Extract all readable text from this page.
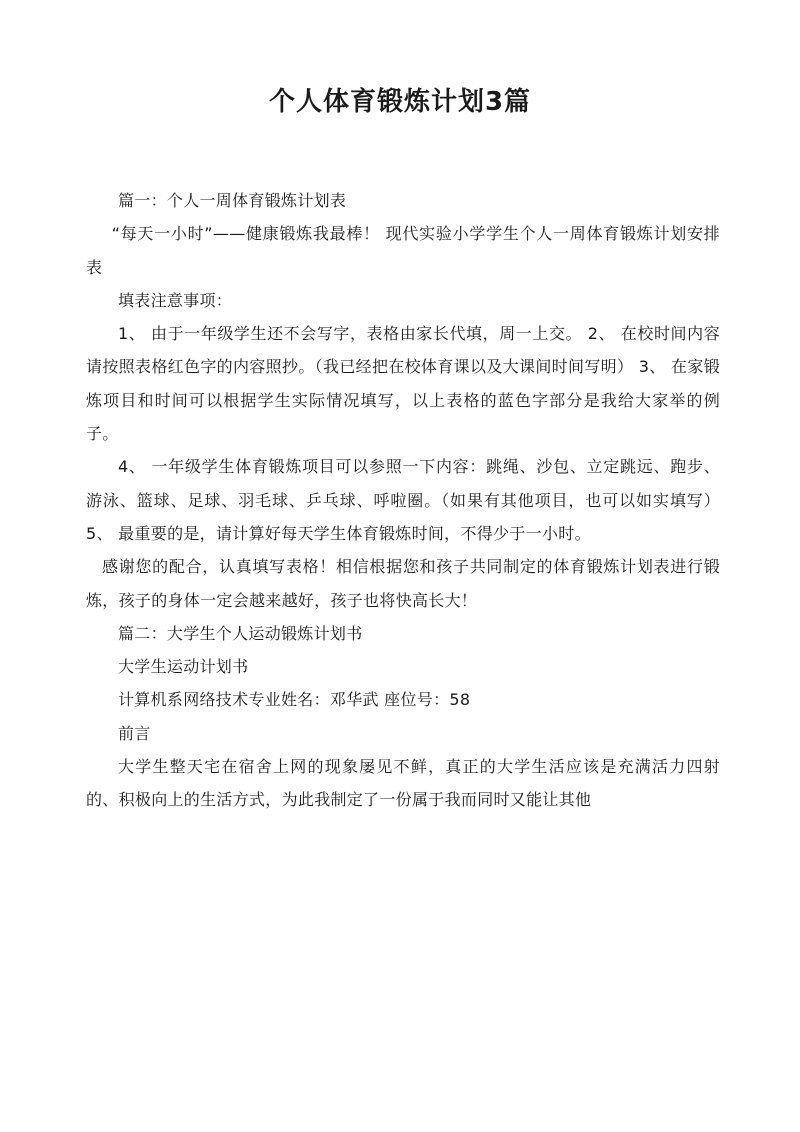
个人体育锻炼计划3篇

篇一：个人一周体育锻炼计划表

“每天一小时”——健康锻炼我最棒！ 现代实验小学学生个人一周体育锻炼计划安排表

填表注意事项：

1、 由于一年级学生还不会写字，表格由家长代填，周一上交。 2、 在校时间内容请按照表格红色字的内容照抄。（我已经把在校体育课以及大课间时间写明） 3、 在家锻炼项目和时间可以根据学生实际情况填写，以上表格的蓝色字部分是我给大家举的例子。

4、 一年级学生体育锻炼项目可以参照一下内容：跳绳、沙包、立定跳远、跑步、游泳、篮球、足球、羽毛球、乒乓球、呼啦圈。（如果有其他项目，也可以如实填写） 5、 最重要的是，请计算好每天学生体育锻炼时间，不得少于一小时。

感谢您的配合，认真填写表格！相信根据您和孩子共同制定的体育锻炼计划表进行锻炼，孩子的身体一定会越来越好，孩子也将快高长大！

篇二：大学生个人运动锻炼计划书

大学生运动计划书

计算机系网络技术专业姓名：邓华武 座位号：58

前言

大学生整天宅在宿舍上网的现象屡见不鲜，真正的大学生活应该是充满活力四射的、积极向上的生活方式，为此我制定了一份属于我而同时又能让其他
